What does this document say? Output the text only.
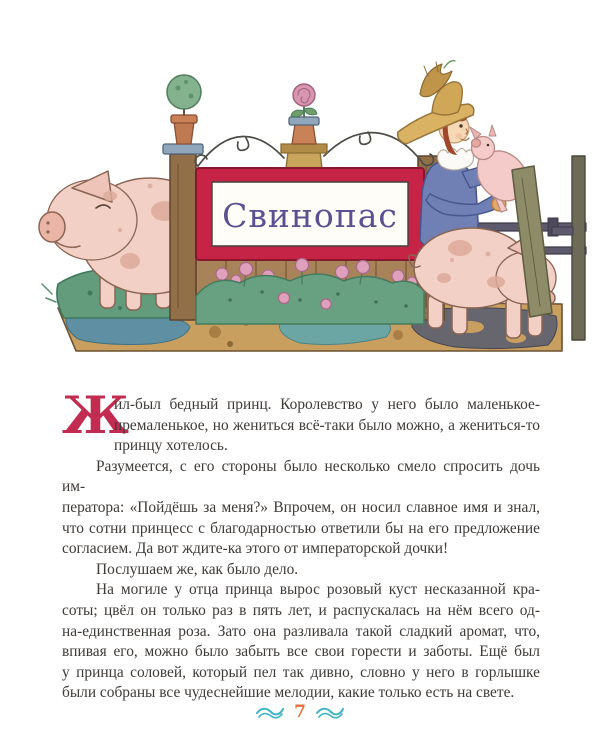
Свинопас
Ж
ил-был бедный принц. Королевство у него было маленькое-
премаленькое, но жениться всё-таки было можно, а жениться-то
принцу хотелось.
Разумеется, с его стороны было несколько смело спросить дочь им-
ператора: «Пойдёшь за меня?» Впрочем, он носил славное имя и знал,
что сотни принцесс с благодарностью ответили бы на его предложение
согласием. Да вот ждите-ка этого от императорской дочки!
Послушаем же, как было дело.
На могиле у отца принца вырос розовый куст несказанной кра-
соты; цвёл он только раз в пять лет, и распускалась на нём всего од-
на-единственная роза. Зато она разливала такой сладкий аромат, что,
впивая его, можно было забыть все свои горести и заботы. Ещё был
у принца соловей, который пел так дивно, словно у него в горлышке
были собраны все чудеснейшие мелодии, какие только есть на свете.
7
